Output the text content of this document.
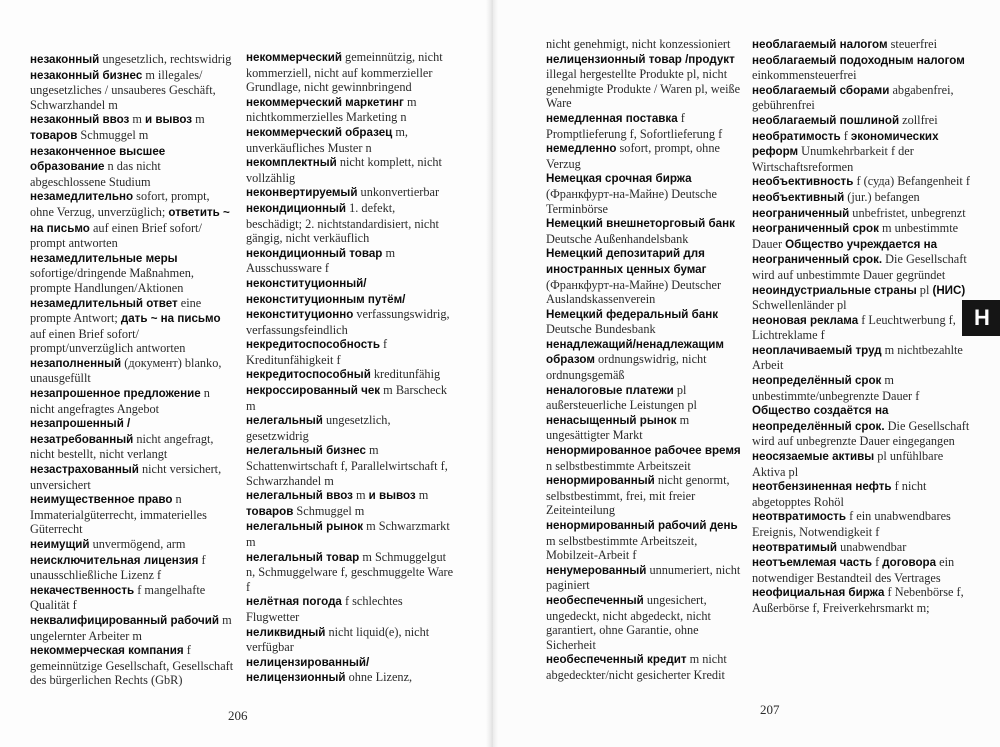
незаконный ungesetzlich, rechtswidrig

незаконный бизнес m illegales/ ungesetzliches / unsauberes Geschäft, Schwarzhandel m

незаконный ввоз m и вывоз m товаров Schmuggel m

незаконченное высшее образование n das nicht abgeschlossene Studium

незамедлительно sofort, prompt, ohne Verzug, unverzüglich; ответить ~ на письмо auf einen Brief sofort/ prompt antworten

незамедлительные меры sofortige/dringende Maßnahmen, prompte Handlungen/Aktionen

незамедлительный ответ eine prompte Antwort; дать ~ на письмо auf einen Brief sofort/ prompt/unverzüglich antworten

незаполненный (документ) blanko, unausgefüllt

незапрошенное предложение n nicht angefragtes Angebot

незапрошенный / незатребованный nicht angefragt, nicht bestellt, nicht verlangt

незастрахованный nicht versichert, unversichert

неимущественное право n Immaterialgüterrecht, immaterielles Güterrecht

неимущий unvermögend, arm

неисключительная лицензия f unausschließliche Lizenz f

некачественность f mangelhafte Qualität f

неквалифицированный рабочий m ungelernter Arbeiter m

некоммерческая компания f gemeinnützige Gesellschaft, Gesellschaft des bürgerlichen Rechts (GbR)

некоммерческий gemeinnützig, nicht kommerziell, nicht auf kommerzieller Grundlage, nicht gewinnbringend

некоммерческий маркетинг m nichtkommerzielles Marketing n

некоммерческий образец m, unverkäufliches Muster n

некомплектный nicht komplett, nicht vollzählig

неконвертируемый unkonvertierbar

некондиционный 1. defekt, beschädigt; 2. nichtstandardisiert, nicht gängig, nicht verkäuflich

некондиционный товар m Ausschussware f

неконституционный/неконституционным путём/неконституционно verfassungswidrig, verfassungsfeindlich

некредитоспособность f Kreditunfähigkeit f

некредитоспособный kreditunfähig

некроссированный чек m Barscheck m

нелегальный ungesetzlich, gesetzwidrig

нелегальный бизнес m Schattenwirtschaft f, Parallelwirtschaft f, Schwarzhandel m

нелегальный ввоз m и вывоз m товаров Schmuggel m

нелегальный рынок m Schwarzmarkt m

нелегальный товар m Schmuggelgut n, Schmuggelware f, geschmuggelte Ware f

нелётная погода f schlechtes Flugwetter

неликвидный nicht liquid(e), nicht verfügbar

нелицензированный/ нелицензионный ohne Lizenz,

nicht genehmigt, nicht konzessioniert

нелицензионный товар /продукт illegal hergestellte Produkte pl, nicht genehmigte Produkte / Waren pl, weiße Ware

немедленная поставка f Promptlieferung f, Sofortlieferung f

немедленно sofort, prompt, ohne Verzug

Немецкая срочная биржа (Франкфурт-на-Майне) Deutsche Terminbörse

Немецкий внешнеторговый банк Deutsche Außenhandelsbank

Немецкий депозитарий для иностранных ценных бумаг (Франкфурт-на-Майне) Deutscher Auslandskassenverein

Немецкий федеральный банк Deutsche Bundesbank

ненадлежащий/ненадлежащим образом ordnungswidrig, nicht ordnungsgemäß

неналоговые платежи pl außersteuerliche Leistungen pl

ненасыщенный рынок m ungesättigter Markt

ненормированное рабочее время n selbstbestimmte Arbeitszeit

ненормированный nicht genormt, selbstbestimmt, frei, mit freier Zeiteinteilung

ненормированный рабочий день m selbstbestimmte Arbeitszeit, Mobilzeit-Arbeit f

ненумерованный unnumeriert, nicht paginiert

необеспеченный ungesichert, ungedeckt, nicht abgedeckt, nicht garantiert, ohne Garantie, ohne Sicherheit

необеспеченный кредит m nicht abgedeckter/nicht gesicherter Kredit

необлагаемый налогом steuerfrei

необлагаемый подоходным налогом einkommensteuerfrei

необлагаемый сборами abgabenfrei, gebührenfrei

необлагаемый пошлиной zollfrei

необратимость f экономических реформ Unumkehrbarkeit f der Wirtschaftsreformen

необъективность f (суда) Befangenheit f

необъективный (jur.) befangen

неограниченный unbefristet, unbegrenzt

неограниченный срок m unbestimmte Dauer Общество учреждается на неограниченный срок. Die Gesellschaft wird auf unbestimmte Dauer gegründet

неоиндустриальные страны pl (НИС) Schwellenländer pl

неоновая реклама f Leuchtwerbung f, Lichtreklame f

неоплачиваемый труд m nichtbezahlte Arbeit

неопределённый срок m unbestimmte/unbegrenzte Dauer f Общество создаётся на неопределённый срок. Die Gesellschaft wird auf unbegrenzte Dauer eingegangen

неосязаемые активы pl unfühlbare Aktiva pl

неотбензиненная нефть f nicht abgetopptes Rohöl

неотвратимость f ein unabwendbares Ereignis, Notwendigkeit f

неотвратимый unabwendbar

неотъемлемая часть f договора ein notwendiger Bestandteil des Vertrages

неофициальная биржа f Nebenbörse f, Außerbörse f, Freiverkehrsmarkt m;

206	207
Н
